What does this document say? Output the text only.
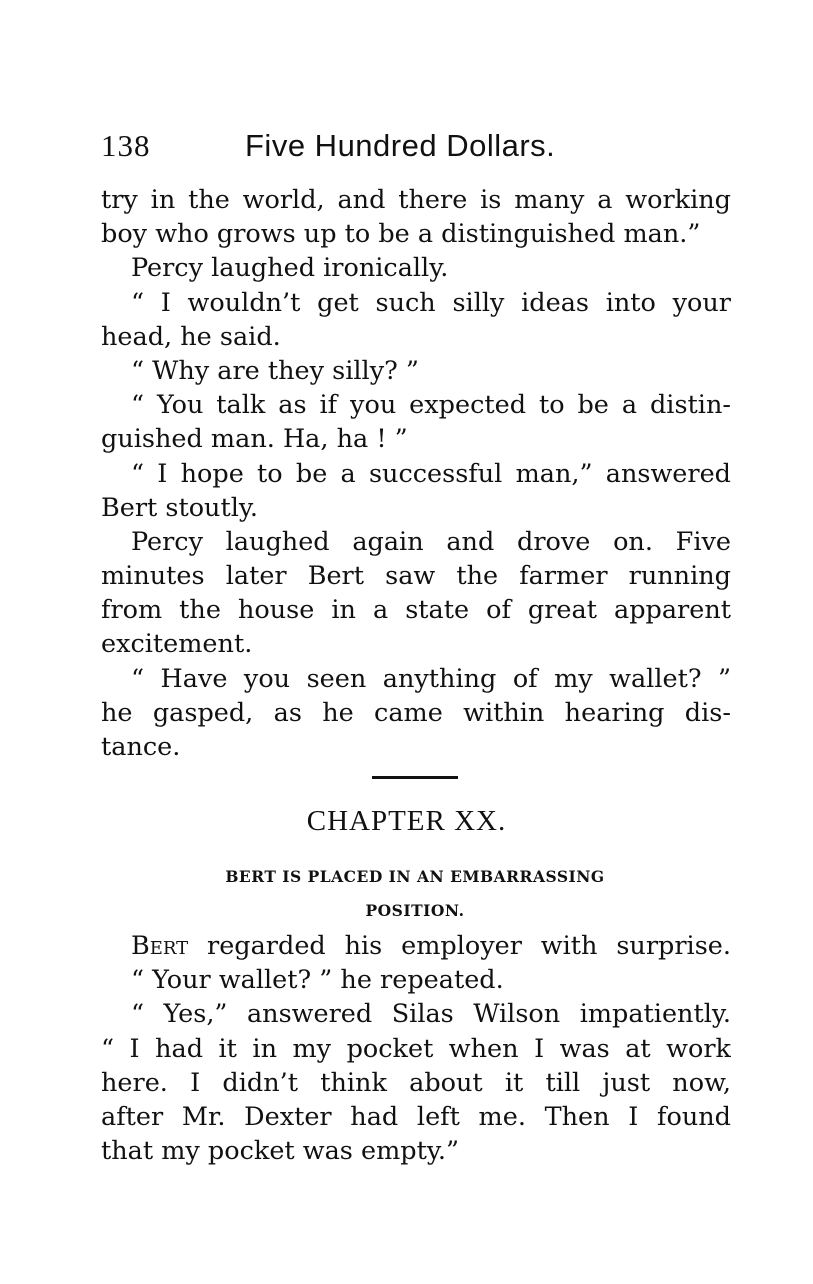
138	Five Hundred Dollars.
try in the world, and there is many a working
boy who grows up to be a distinguished man.”
Percy laughed ironically.
“ I wouldn’t get such silly ideas into your
head, he said.
“ Why are they silly? ”
“ You talk as if you expected to be a distin-
guished man. Ha, ha ! ”
“ I hope to be a successful man,” answered
Bert stoutly.
Percy laughed again and drove on. Five
minutes later Bert saw the farmer running
from the house in a state of great apparent
excitement.
“ Have you seen anything of my wallet? ”
he gasped, as he came within hearing dis-
tance.
CHAPTER XX.
BERT IS PLACED IN AN EMBARRASSING
POSITION.
Bert regarded his employer with surprise.
“ Your wallet? ” he repeated.
“ Yes,” answered Silas Wilson impatiently.
“ I had it in my pocket when I was at work
here. I didn’t think about it till just now,
after Mr. Dexter had left me. Then I found
that my pocket was empty.”
